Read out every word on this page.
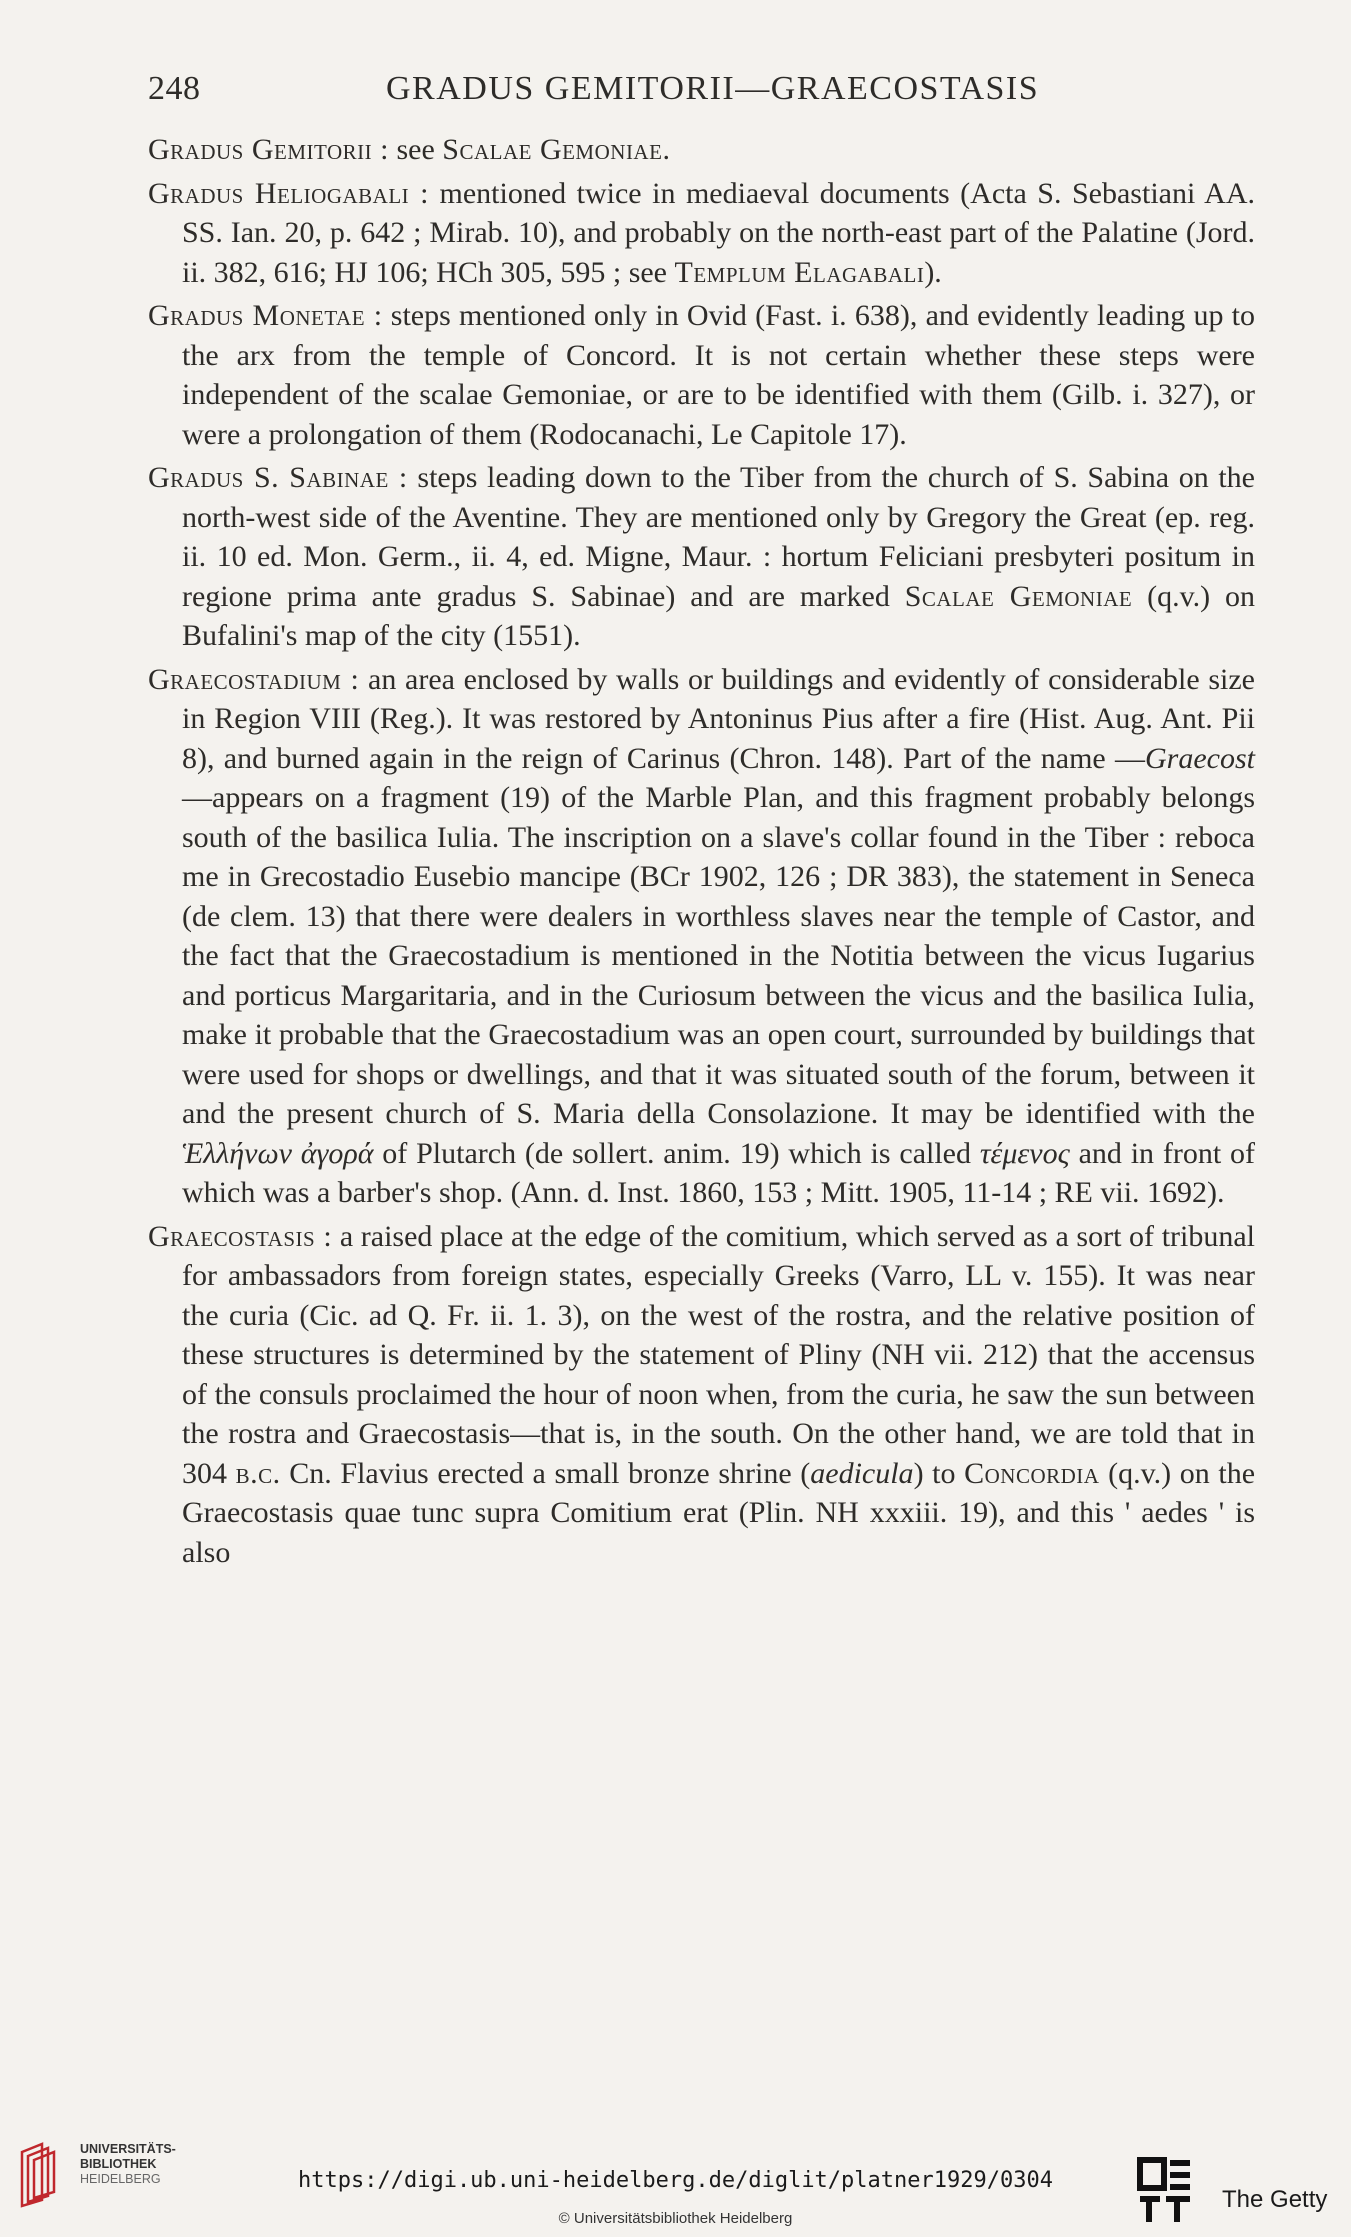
248	GRADUS GEMITORII—GRAECOSTASIS

Gradus Gemitorii : see Scalae Gemoniae.

Gradus Heliogabali : mentioned twice in mediaeval documents (Acta S. Sebastiani AA. SS. Ian. 20, p. 642 ; Mirab. 10), and probably on the north-east part of the Palatine (Jord. ii. 382, 616; HJ 106; HCh 305, 595 ; see Templum Elagabali).

Gradus Monetae : steps mentioned only in Ovid (Fast. i. 638), and evidently leading up to the arx from the temple of Concord. It is not certain whether these steps were independent of the scalae Gemoniae, or are to be identified with them (Gilb. i. 327), or were a prolongation of them (Rodocanachi, Le Capitole 17).

Gradus S. Sabinae : steps leading down to the Tiber from the church of S. Sabina on the north-west side of the Aventine. They are mentioned only by Gregory the Great (ep. reg. ii. 10 ed. Mon. Germ., ii. 4, ed. Migne, Maur. : hortum Feliciani presbyteri positum in regione prima ante gradus S. Sabinae) and are marked Scalae Gemoniae (q.v.) on Bufalini's map of the city (1551).

Graecostadium : an area enclosed by walls or buildings and evidently of considerable size in Region VIII (Reg.). It was restored by Antoninus Pius after a fire (Hist. Aug. Ant. Pii 8), and burned again in the reign of Carinus (Chron. 148). Part of the name —Graecost—appears on a fragment (19) of the Marble Plan, and this fragment probably belongs south of the basilica Iulia. The inscription on a slave's collar found in the Tiber : reboca me in Grecostadio Eusebio mancipe (BCr 1902, 126 ; DR 383), the statement in Seneca (de clem. 13) that there were dealers in worthless slaves near the temple of Castor, and the fact that the Graecostadium is mentioned in the Notitia between the vicus Iugarius and porticus Margaritaria, and in the Curiosum between the vicus and the basilica Iulia, make it probable that the Graecostadium was an open court, surrounded by buildings that were used for shops or dwellings, and that it was situated south of the forum, between it and the present church of S. Maria della Consolazione. It may be identified with the Ἑλλήνων ἀγορά of Plutarch (de sollert. anim. 19) which is called τέμενος and in front of which was a barber's shop. (Ann. d. Inst. 1860, 153 ; Mitt. 1905, 11-14 ; RE vii. 1692).

Graecostasis : a raised place at the edge of the comitium, which served as a sort of tribunal for ambassadors from foreign states, especially Greeks (Varro, LL v. 155). It was near the curia (Cic. ad Q. Fr. ii. 1. 3), on the west of the rostra, and the relative position of these structures is determined by the statement of Pliny (NH vii. 212) that the accensus of the consuls proclaimed the hour of noon when, from the curia, he saw the sun between the rostra and Graecostasis—that is, in the south. On the other hand, we are told that in 304 b.c. Cn. Flavius erected a small bronze shrine (aedicula) to Concordia (q.v.) on the Graecostasis quae tunc supra Comitium erat (Plin. NH xxxiii. 19), and this ' aedes ' is also

UNIVERSITÄTS-
BIBLIOTHEK
HEIDELBERG	https://digi.ub.uni-heidelberg.de/diglit/platner1929/0304
© Universitätsbibliothek Heidelberg
The Getty
